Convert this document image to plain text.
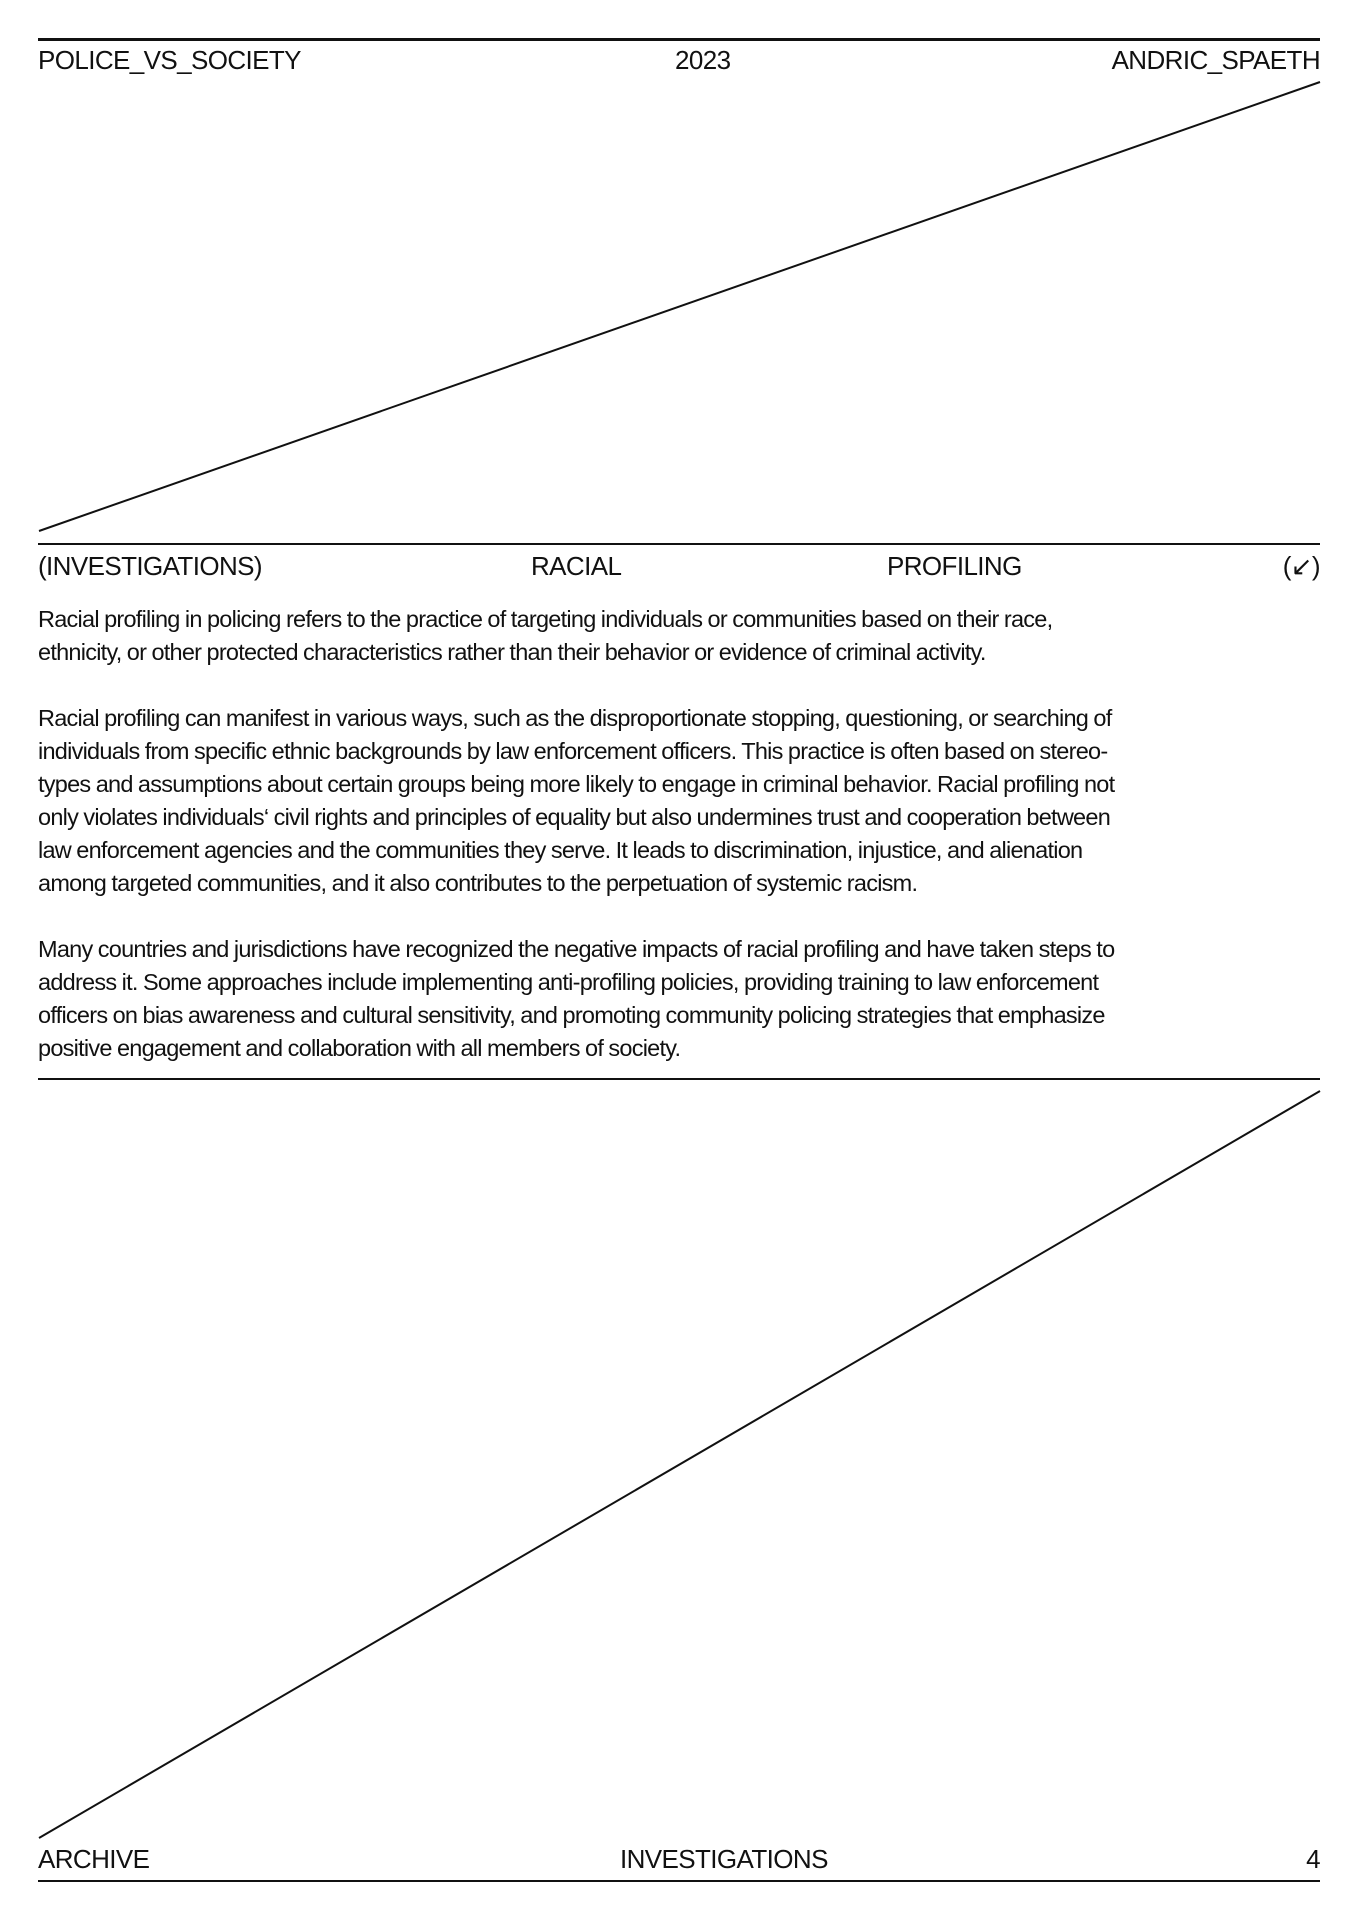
POLICE_VS_SOCIETY	2023	ANDRIC_SPAETH
(INVESTIGATIONS)	RACIAL	PROFILING	(↙)

Racial profiling in policing refers to the practice of targeting individuals or communities based on their race,
ethnicity, or other protected characteristics rather than their behavior or evidence of criminal activity.

Racial profiling can manifest in various ways, such as the disproportionate stopping, questioning, or searching of
individuals from specific ethnic backgrounds by law enforcement officers. This practice is often based on stereo-
types and assumptions about certain groups being more likely to engage in criminal behavior. Racial profiling not
only violates individuals‘ civil rights and principles of equality but also undermines trust and cooperation between
law enforcement agencies and the communities they serve. It leads to discrimination, injustice, and alienation
among targeted communities, and it also contributes to the perpetuation of systemic racism.

Many countries and jurisdictions have recognized the negative impacts of racial profiling and have taken steps to
address it. Some approaches include implementing anti-profiling policies, providing training to law enforcement
officers on bias awareness and cultural sensitivity, and promoting community policing strategies that emphasize
positive engagement and collaboration with all members of society.

ARCHIVE	INVESTIGATIONS	4
